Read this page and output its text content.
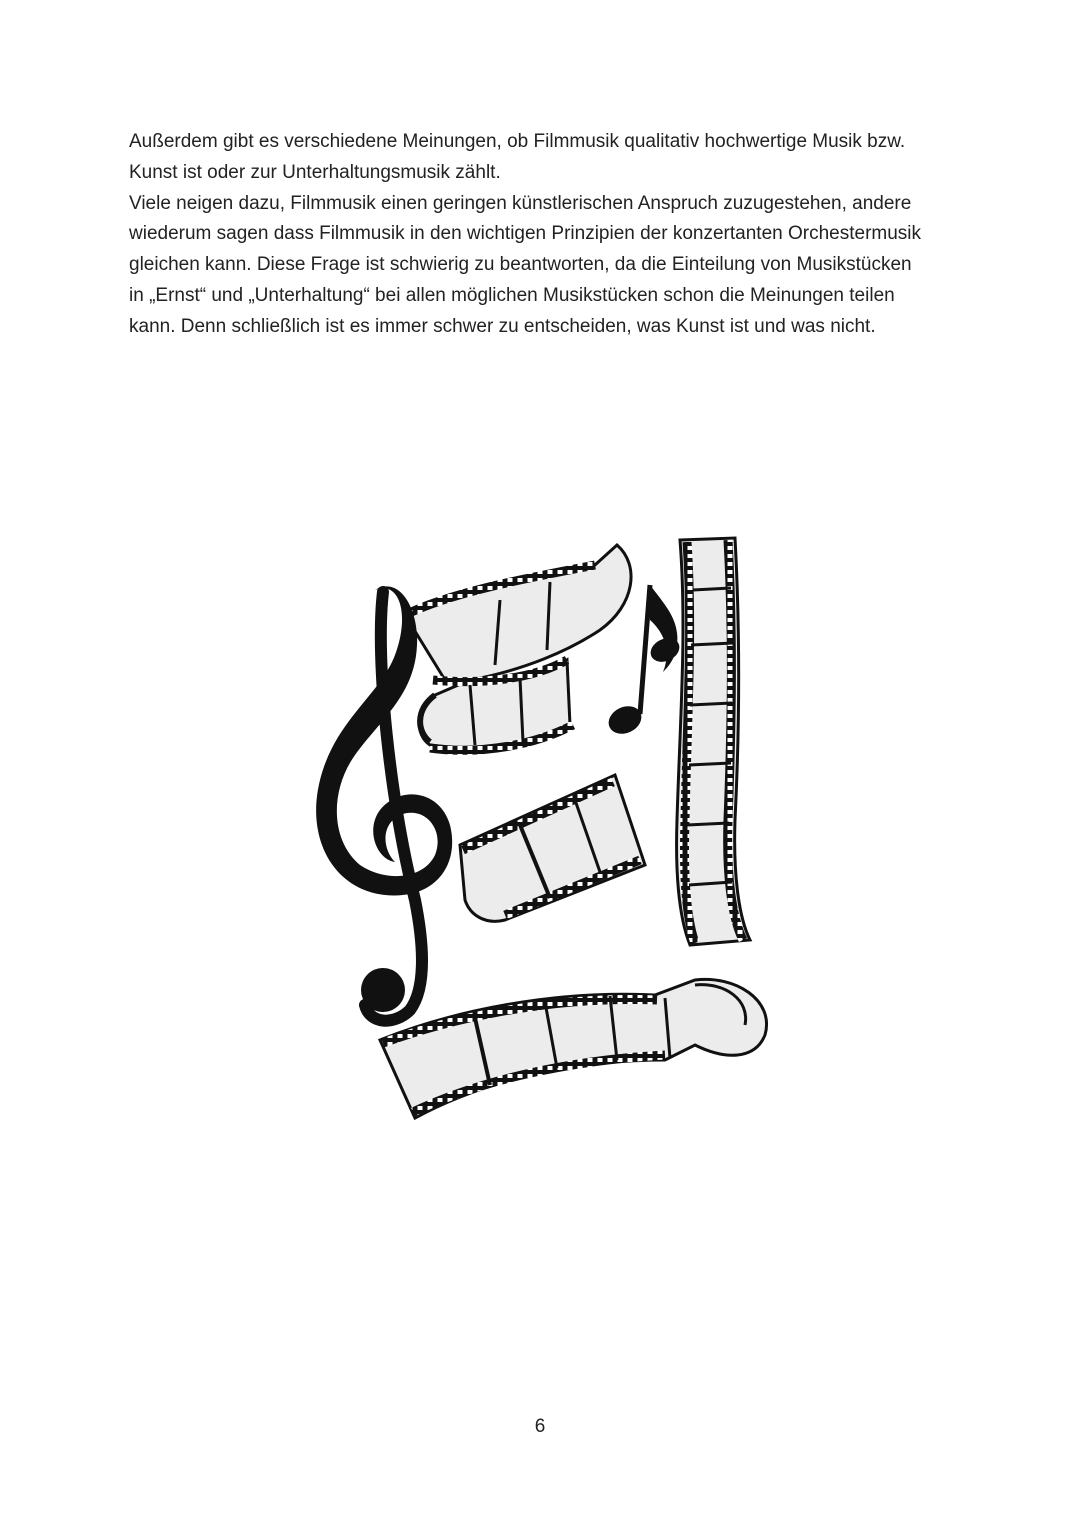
Außerdem gibt es verschiedene Meinungen, ob Filmmusik qualitativ hochwertige Musik bzw.
Kunst ist oder zur Unterhaltungsmusik zählt.
Viele neigen dazu, Filmmusik einen geringen künstlerischen Anspruch zuzugestehen, andere
wiederum sagen dass Filmmusik in den wichtigen Prinzipien der konzertanten Orchestermusik
gleichen kann. Diese Frage ist schwierig zu beantworten, da die Einteilung von Musikstücken
in „Ernst“ und „Unterhaltung“ bei allen möglichen Musikstücken schon die Meinungen teilen
kann. Denn schließlich ist es immer schwer zu entscheiden, was Kunst ist und was nicht.
6
